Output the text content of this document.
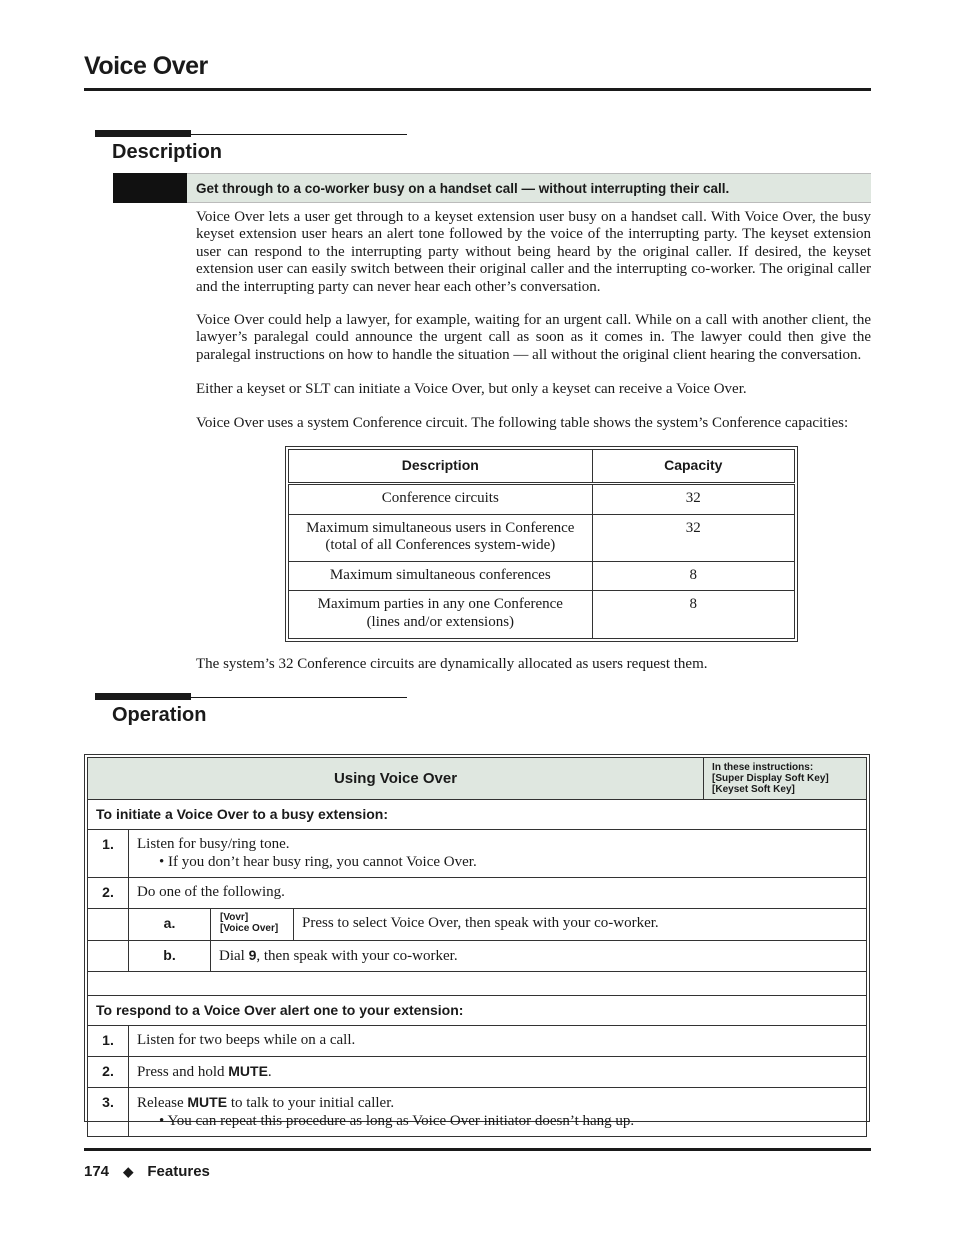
Voice Over
Description
Get through to a co-worker busy on a handset call — without interrupting their call.

Voice Over lets a user get through to a keyset extension user busy on a handset call. With Voice Over, the busy keyset extension user hears an alert tone followed by the voice of the interrupting party. The keyset extension user can respond to the interrupting party without being heard by the original caller. If desired, the keyset extension user can easily switch between their original caller and the interrupting co-worker. The original caller and the interrupting party can never hear each other’s conversation.

Voice Over could help a lawyer, for example, waiting for an urgent call. While on a call with another client, the lawyer’s paralegal could announce the urgent call as soon as it comes in. The lawyer could then give the paralegal instructions on how to handle the situation — all without the original client hearing the conversation.

Either a keyset or SLT can initiate a Voice Over, but only a keyset can receive a Voice Over.

Voice Over uses a system Conference circuit. The following table shows the system’s Conference capacities:

Description	Capacity
Conference circuits	32

Maximum simultaneous users in Conference
(total of all Conferences system-wide)	32
Maximum simultaneous conferences	8

Maximum parties in any one Conference
(lines and/or extensions)	8

The system’s 32 Conference circuits are dynamically allocated as users request them.

Operation
Using Voice Over				In these instructions:
[Super Display Soft Key]
[Keyset Soft Key]

To initiate a Voice Over to a busy extension:				
1.	Listen for busy/ring tone.
• If you don’t hear busy ring, you cannot Voice Over.			

2.	Do one of the following.			
	a.	[Vovr]
[Voice Over]	Press to select Voice Over, then speak with your co-worker.	
	b.	Dial 9, then speak with your co-worker.		

To respond to a Voice Over alert one to your extension:				
1.	Listen for two beeps while on a call.			
2.	Press and hold MUTE.			
3.	Release MUTE to talk to your initial caller.
• You can repeat this procedure as long as Voice Over initiator doesn’t hang up.			
174 ◆ Features
